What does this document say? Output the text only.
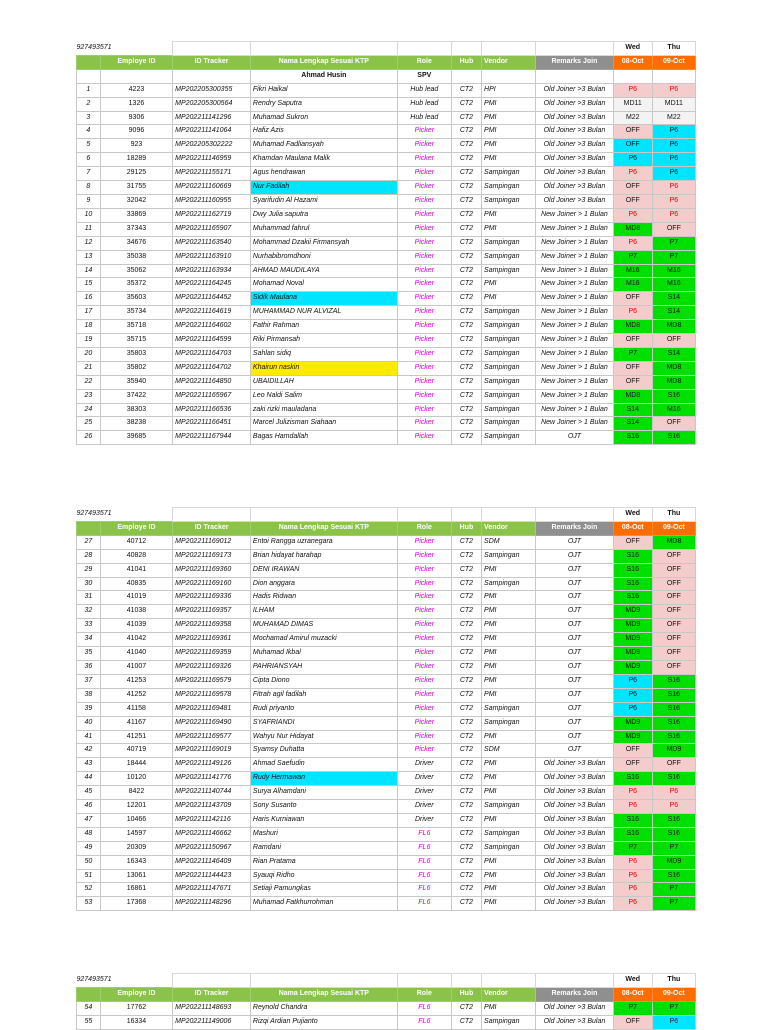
927493571								Wed	Thu
	Employe ID	ID Tracker	Nama Lengkap Sesuai KTP	Role	Hub	Vendor	Remarks Join	08-Oct	09-Oct
			Ahmad Husin	SPV					
1	4223	MP202205300355	Fikri Haikal	Hub lead	CT2	HPI	Old Joiner >3 Bulan	P6	P6
2	1326	MP202205300564	Rendry Saputra	Hub lead	CT2	PMI	Old Joiner >3 Bulan	MD11	MD11
3	9306	MP202211141296	Muhamad Sukron	Hub lead	CT2	PMI	Old Joiner >3 Bulan	M22	M22
4	9096	MP202211141064	Hafiz Azis	Picker	CT2	PMI	Old Joiner >3 Bulan	OFF	P6
5	923	MP202205302222	Muhamad Fadliansyah	Picker	CT2	PMI	Old Joiner >3 Bulan	OFF	P6
6	18289	MP202211146959	Khamdan Maulana Malik	Picker	CT2	PMI	Old Joiner >3 Bulan	P6	P6
7	29125	MP202211155171	Agus hendrawan	Picker	CT2	Sampingan	Old Joiner >3 Bulan	P6	P6
8	31755	MP202211160669	Nur Fadilah	Picker	CT2	Sampingan	Old Joiner >3 Bulan	OFF	P6
9	32042	MP202211160955	Syarifudin Al Hazami	Picker	CT2	Sampingan	Old Joiner >3 Bulan	OFF	P6
10	33869	MP202211162719	Dwy Julia saputra	Picker	CT2	PMI	New Joiner > 1 Bulan	P6	P6
11	37343	MP202211165907	Muhammad fahrul	Picker	CT2	PMI	New Joiner > 1 Bulan	MD8	OFF
12	34676	MP202211163540	Mohammad Dzakii Firmansyah	Picker	CT2	Sampingan	New Joiner > 1 Bulan	P6	P7
13	35038	MP202211163910	Nurhabibromdhoni	Picker	CT2	Sampingan	New Joiner > 1 Bulan	P7	P7
14	35062	MP202211163934	AHMAD MAUDILAYA	Picker	CT2	Sampingan	New Joiner > 1 Bulan	M16	M16
15	35372	MP202211164245	Mohamad Noval	Picker	CT2	PMI	New Joiner > 1 Bulan	M16	M16
16	35603	MP202211164452	Sidik Maulana	Picker	CT2	PMI	New Joiner > 1 Bulan	OFF	S14
17	35734	MP202211164619	MUHAMMAD NUR ALVIZAL	Picker	CT2	Sampingan	New Joiner > 1 Bulan	P6	S14
18	35718	MP202211164602	Fathir Rahman	Picker	CT2	Sampingan	New Joiner > 1 Bulan	MD8	MD8
19	35715	MP202211164599	Riki Pirmansah	Picker	CT2	Sampingan	New Joiner > 1 Bulan	OFF	OFF
20	35803	MP202211164703	Sahlan sidiq	Picker	CT2	Sampingan	New Joiner > 1 Bulan	P7	S14
21	35802	MP202211164702	Khairun naskin	Picker	CT2	Sampingan	New Joiner > 1 Bulan	OFF	MD8
22	35940	MP202211164850	UBAIDILLAH	Picker	CT2	Sampingan	New Joiner > 1 Bulan	OFF	MD8
23	37422	MP202211165967	Leo Naldi Salim	Picker	CT2	Sampingan	New Joiner > 1 Bulan	MD8	S16
24	38303	MP202211166536	zaki rizki mauladana	Picker	CT2	Sampingan	New Joiner > 1 Bulan	S14	M16
25	38238	MP202211166451	Marcel Julizisman Siahaan	Picker	CT2	Sampingan	New Joiner > 1 Bulan	S14	OFF
26	39685	MP202211167944	Bagas Hamdallah	Picker	CT2	Sampingan	OJT	S16	S16
927493571								Wed	Thu
	Employe ID	ID Tracker	Nama Lengkap Sesuai KTP	Role	Hub	Vendor	Remarks Join	08-Oct	09-Oct
27	40712	MP202211169012	Entoi Rangga uzranegara	Picker	CT2	SDM	OJT	OFF	MD8
28	40828	MP202211169173	Brian hidayat harahap	Picker	CT2	Sampingan	OJT	S16	OFF
29	41041	MP202211169360	DENI IRAWAN	Picker	CT2	PMI	OJT	S16	OFF
30	40835	MP202211169160	Dion anggara	Picker	CT2	Sampingan	OJT	S16	OFF
31	41019	MP202211169336	Hadis Ridwan	Picker	CT2	PMI	OJT	S16	OFF
32	41038	MP202211169357	ILHAM	Picker	CT2	PMI	OJT	MD9	OFF
33	41039	MP202211169358	MUHAMAD DIMAS	Picker	CT2	PMI	OJT	MD9	OFF
34	41042	MP202211169361	Mochamad Amirul muzacki	Picker	CT2	PMI	OJT	MD9	OFF
35	41040	MP202211169359	Muhamad Ikbal	Picker	CT2	PMI	OJT	MD9	OFF
36	41007	MP202211169326	PAHRIANSYAH	Picker	CT2	PMI	OJT	MD9	OFF
37	41253	MP202211169579	Cipta Diono	Picker	CT2	PMI	OJT	P6	S16
38	41252	MP202211169578	Fitrah agil fadilah	Picker	CT2	PMI	OJT	P6	S16
39	41158	MP202211169481	Rudi priyanto	Picker	CT2	Sampingan	OJT	P6	S16
40	41167	MP202211169490	SYAFRIANDI	Picker	CT2	Sampingan	OJT	MD9	S16
41	41251	MP202211169577	Wahyu Nur Hidayat	Picker	CT2	PMI	OJT	MD9	S16
42	40719	MP202211169019	Syamsy Duhatta	Picker	CT2	SDM	OJT	OFF	MD9
43	18444	MP202211149126	Ahmad Saefudin	Driver	CT2	PMI	Old Joiner >3 Bulan	OFF	OFF
44	10120	MP202211141776	Rudy Hermawan	Driver	CT2	PMI	Old Joiner >3 Bulan	S16	S16
45	8422	MP202211140744	Surya Alhamdani	Driver	CT2	PMI	Old Joiner >3 Bulan	P6	P6
46	12201	MP202211143709	Sony Susanto	Driver	CT2	Sampingan	Old Joiner >3 Bulan	P6	P6
47	10466	MP202211142116	Haris Kurniawan	Driver	CT2	PMI	Old Joiner >3 Bulan	S16	S16
48	14597	MP202211146662	Mashuri	FL6	CT2	Sampingan	Old Joiner >3 Bulan	S16	S16
49	20309	MP202211150967	Ramdani	FL6	CT2	Sampingan	Old Joiner >3 Bulan	P7	P7
50	16343	MP202211146409	Rian Pratama	FL6	CT2	PMI	Old Joiner >3 Bulan	P6	MD9
51	13061	MP202211144423	Syauqi Ridho	FL6	CT2	PMI	Old Joiner >3 Bulan	P6	S16
52	16861	MP202211147671	Setiaji Pamungkas	FL6	CT2	PMI	Old Joiner >3 Bulan	P6	P7
53	17368	MP202211148296	Muhamad Fatkhurrohman	FL6	CT2	PMI	Old Joiner >3 Bulan	P6	P7
927493571								Wed	Thu
	Employe ID	ID Tracker	Nama Lengkap Sesuai KTP	Role	Hub	Vendor	Remarks Join	08-Oct	09-Oct
54	17762	MP202211148693	Reynold Chandra	FL6	CT2	PMI	Old Joiner >3 Bulan	P7	P7
55	16334	MP202211149006	Rizqi Ardian Pujianto	FL6	CT2	Sampingan	Old Joiner >3 Bulan	OFF	P6
